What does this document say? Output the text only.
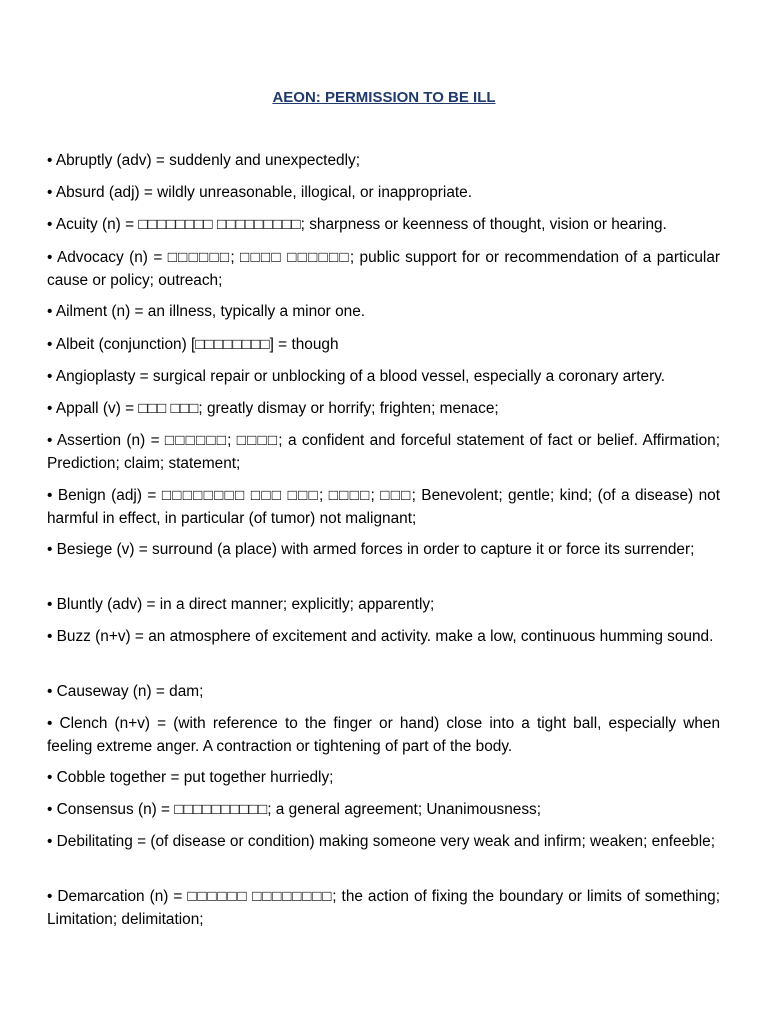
AEON: PERMISSION TO BE ILL
• Abruptly (adv) = suddenly and unexpectedly;
• Absurd (adj) = wildly unreasonable, illogical, or inappropriate.
• Acuity (n) = □□□□□□□□ □□□□□□□□□; sharpness or keenness of thought, vision or hearing.
• Advocacy (n) = □□□□□□; □□□□ □□□□□□; public support for or recommendation of a particular cause or policy; outreach;
• Ailment (n) = an illness, typically a minor one.
• Albeit (conjunction) [□□□□□□□□] = though
• Angioplasty = surgical repair or unblocking of a blood vessel, especially a coronary artery.
• Appall (v) = □□□ □□□; greatly dismay or horrify; frighten; menace;
• Assertion (n) = □□□□□□; □□□□; a confident and forceful statement of fact or belief. Affirmation; Prediction; claim; statement;
• Benign (adj) = □□□□□□□□ □□□ □□□; □□□□; □□□; Benevolent; gentle; kind; (of a disease) not harmful in effect, in particular (of tumor) not malignant;
• Besiege (v) = surround (a place) with armed forces in order to capture it or force its surrender;
• Bluntly (adv) = in a direct manner; explicitly; apparently;
• Buzz (n+v) = an atmosphere of excitement and activity. make a low, continuous humming sound.
• Causeway (n) = dam;
• Clench (n+v) = (with reference to the finger or hand) close into a tight ball, especially when feeling extreme anger. A contraction or tightening of part of the body.
• Cobble together = put together hurriedly;
• Consensus (n) = □□□□□□□□□□; a general agreement; Unanimousness;
• Debilitating = (of disease or condition) making someone very weak and infirm; weaken; enfeeble;
• Demarcation (n) = □□□□□□ □□□□□□□□; the action of fixing the boundary or limits of something; Limitation; delimitation;
